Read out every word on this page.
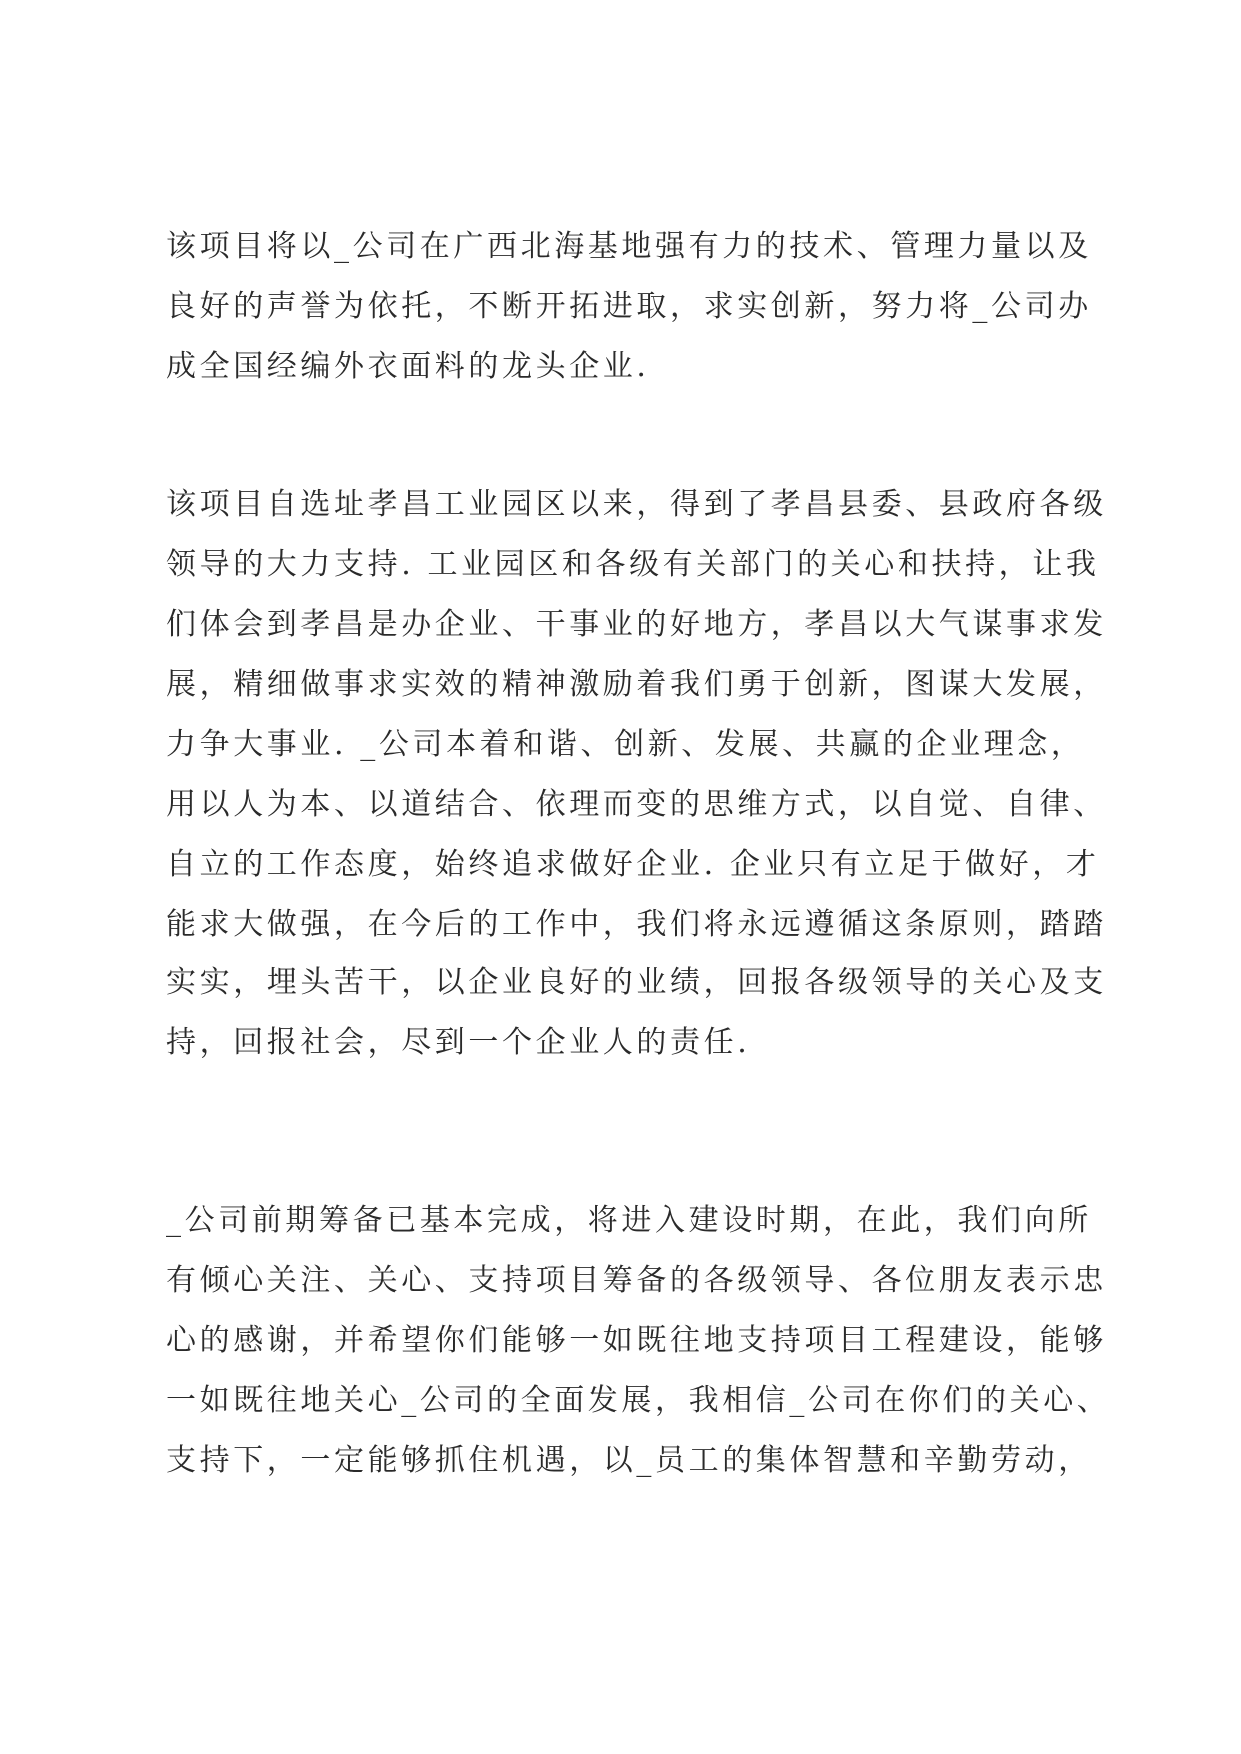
该项目将以_公司在广西北海基地强有力的技术、管理力量以及
良好的声誉为依托，不断开拓进取，求实创新，努力将_公司办
成全国经编外衣面料的龙头企业.
该项目自选址孝昌工业园区以来，得到了孝昌县委、县政府各级
领导的大力支持. 工业园区和各级有关部门的关心和扶持，让我
们体会到孝昌是办企业、干事业的好地方，孝昌以大气谋事求发
展，精细做事求实效的精神激励着我们勇于创新，图谋大发展，
力争大事业. _公司本着和谐、创新、发展、共赢的企业理念，
用以人为本、以道结合、依理而变的思维方式，以自觉、自律、
自立的工作态度，始终追求做好企业. 企业只有立足于做好，才
能求大做强，在今后的工作中，我们将永远遵循这条原则，踏踏
实实，埋头苦干，以企业良好的业绩，回报各级领导的关心及支
持，回报社会，尽到一个企业人的责任.
_公司前期筹备已基本完成，将进入建设时期，在此，我们向所
有倾心关注、关心、支持项目筹备的各级领导、各位朋友表示忠
心的感谢，并希望你们能够一如既往地支持项目工程建设，能够
一如既往地关心_公司的全面发展，我相信_公司在你们的关心、
支持下，一定能够抓住机遇，以_员工的集体智慧和辛勤劳动，
